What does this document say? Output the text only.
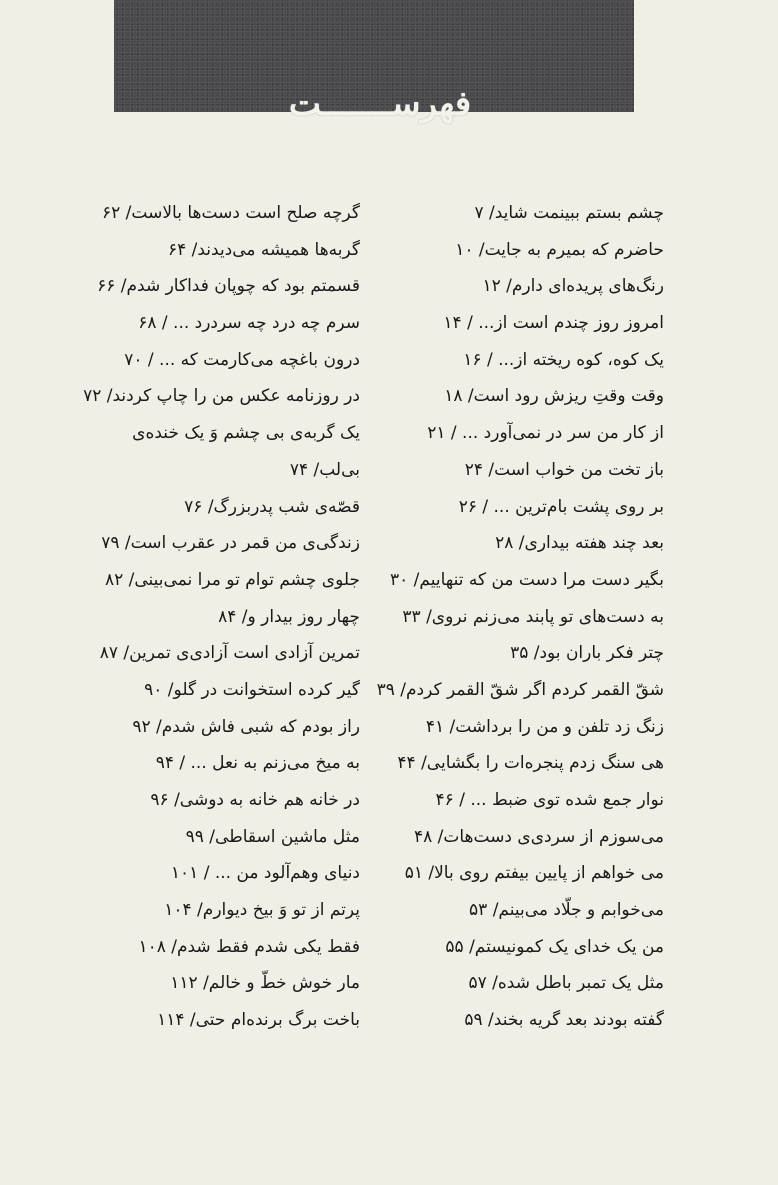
فهرســـــــت
چشم بستم ببینمت شاید/ ۷
حاضرم که بمیرم به جایت/ ۱۰
رنگ‌های پریده‌ای دارم/ ۱۲
امروز روز چندم است از... / ۱۴
یک کوه، کوه ریخته از... / ۱۶
وقت وقتِ ریزش رود است/ ۱۸
از کار من سر در نمی‌آورد ... / ۲۱
باز تخت من خواب است/ ۲۴
بر روی پشت بام‌ترین ... / ۲۶
بعد چند هفته بیداری/ ۲۸
بگیر دست مرا دست من که تنهاییم/ ۳۰
به دست‌های تو پابند می‌زنم نروی/ ۳۳
چتر فکر باران بود/ ۳۵
شقّ القمر کردم اگر شقّ القمر کردم/ ۳۹
زنگ زد تلفن و من را برداشت/ ۴۱
هی سنگ زدم پنجره‌ات را بگشایی/ ۴۴
نوار جمع شده توی ضبط ... / ۴۶
می‌سوزم از سردی‌ی دست‌هات/ ۴۸
می خواهم از پایین بیفتم روی بالا/ ۵۱
می‌خوابم و جلّاد می‌بینم/ ۵۳
من یک خدای یک کمونیستم/ ۵۵
مثل یک تمبر باطل شده/ ۵۷
گفته بودند بعد گریه بخند/ ۵۹
گرچه صلح است دست‌ها بالاست/ ۶۲
گربه‌ها همیشه می‌دیدند/ ۶۴
قسمتم بود که چوپان فداکار شدم/ ۶۶
سرم چه درد چه سردرد ... / ۶۸
درون باغچه می‌کارمت که ... / ۷۰
در روزنامه عکس من را چاپ کردند/ ۷۲
یک گربه‌ی بی چشم وَ یک خنده‌ی
بی‌لب/ ۷۴
قصّه‌ی شب پدربزرگ/ ۷۶
زندگی‌ی من قمر در عقرب است/ ۷۹
جلوی چشم توام تو مرا نمی‌بینی/ ۸۲
چهار روز بیدار و/ ۸۴
تمرین آزادی است آزادی‌ی تمرین/ ۸۷
گیر کرده استخوانت در گلو/ ۹۰
راز بودم که شبی فاش شدم/ ۹۲
به میخ می‌زنم به نعل ... / ۹۴
در خانه هم خانه به دوشی/ ۹۶
مثل ماشین اسقاطی/ ۹۹
دنیای وهم‌آلود من ... / ۱۰۱
پرتم از تو وَ بیخ دیوارم/ ۱۰۴
فقط یکی شدم فقط شدم/ ۱۰۸
مار خوش خطّ و خالم/ ۱۱۲
باخت برگ برنده‌ام حتی/ ۱۱۴
